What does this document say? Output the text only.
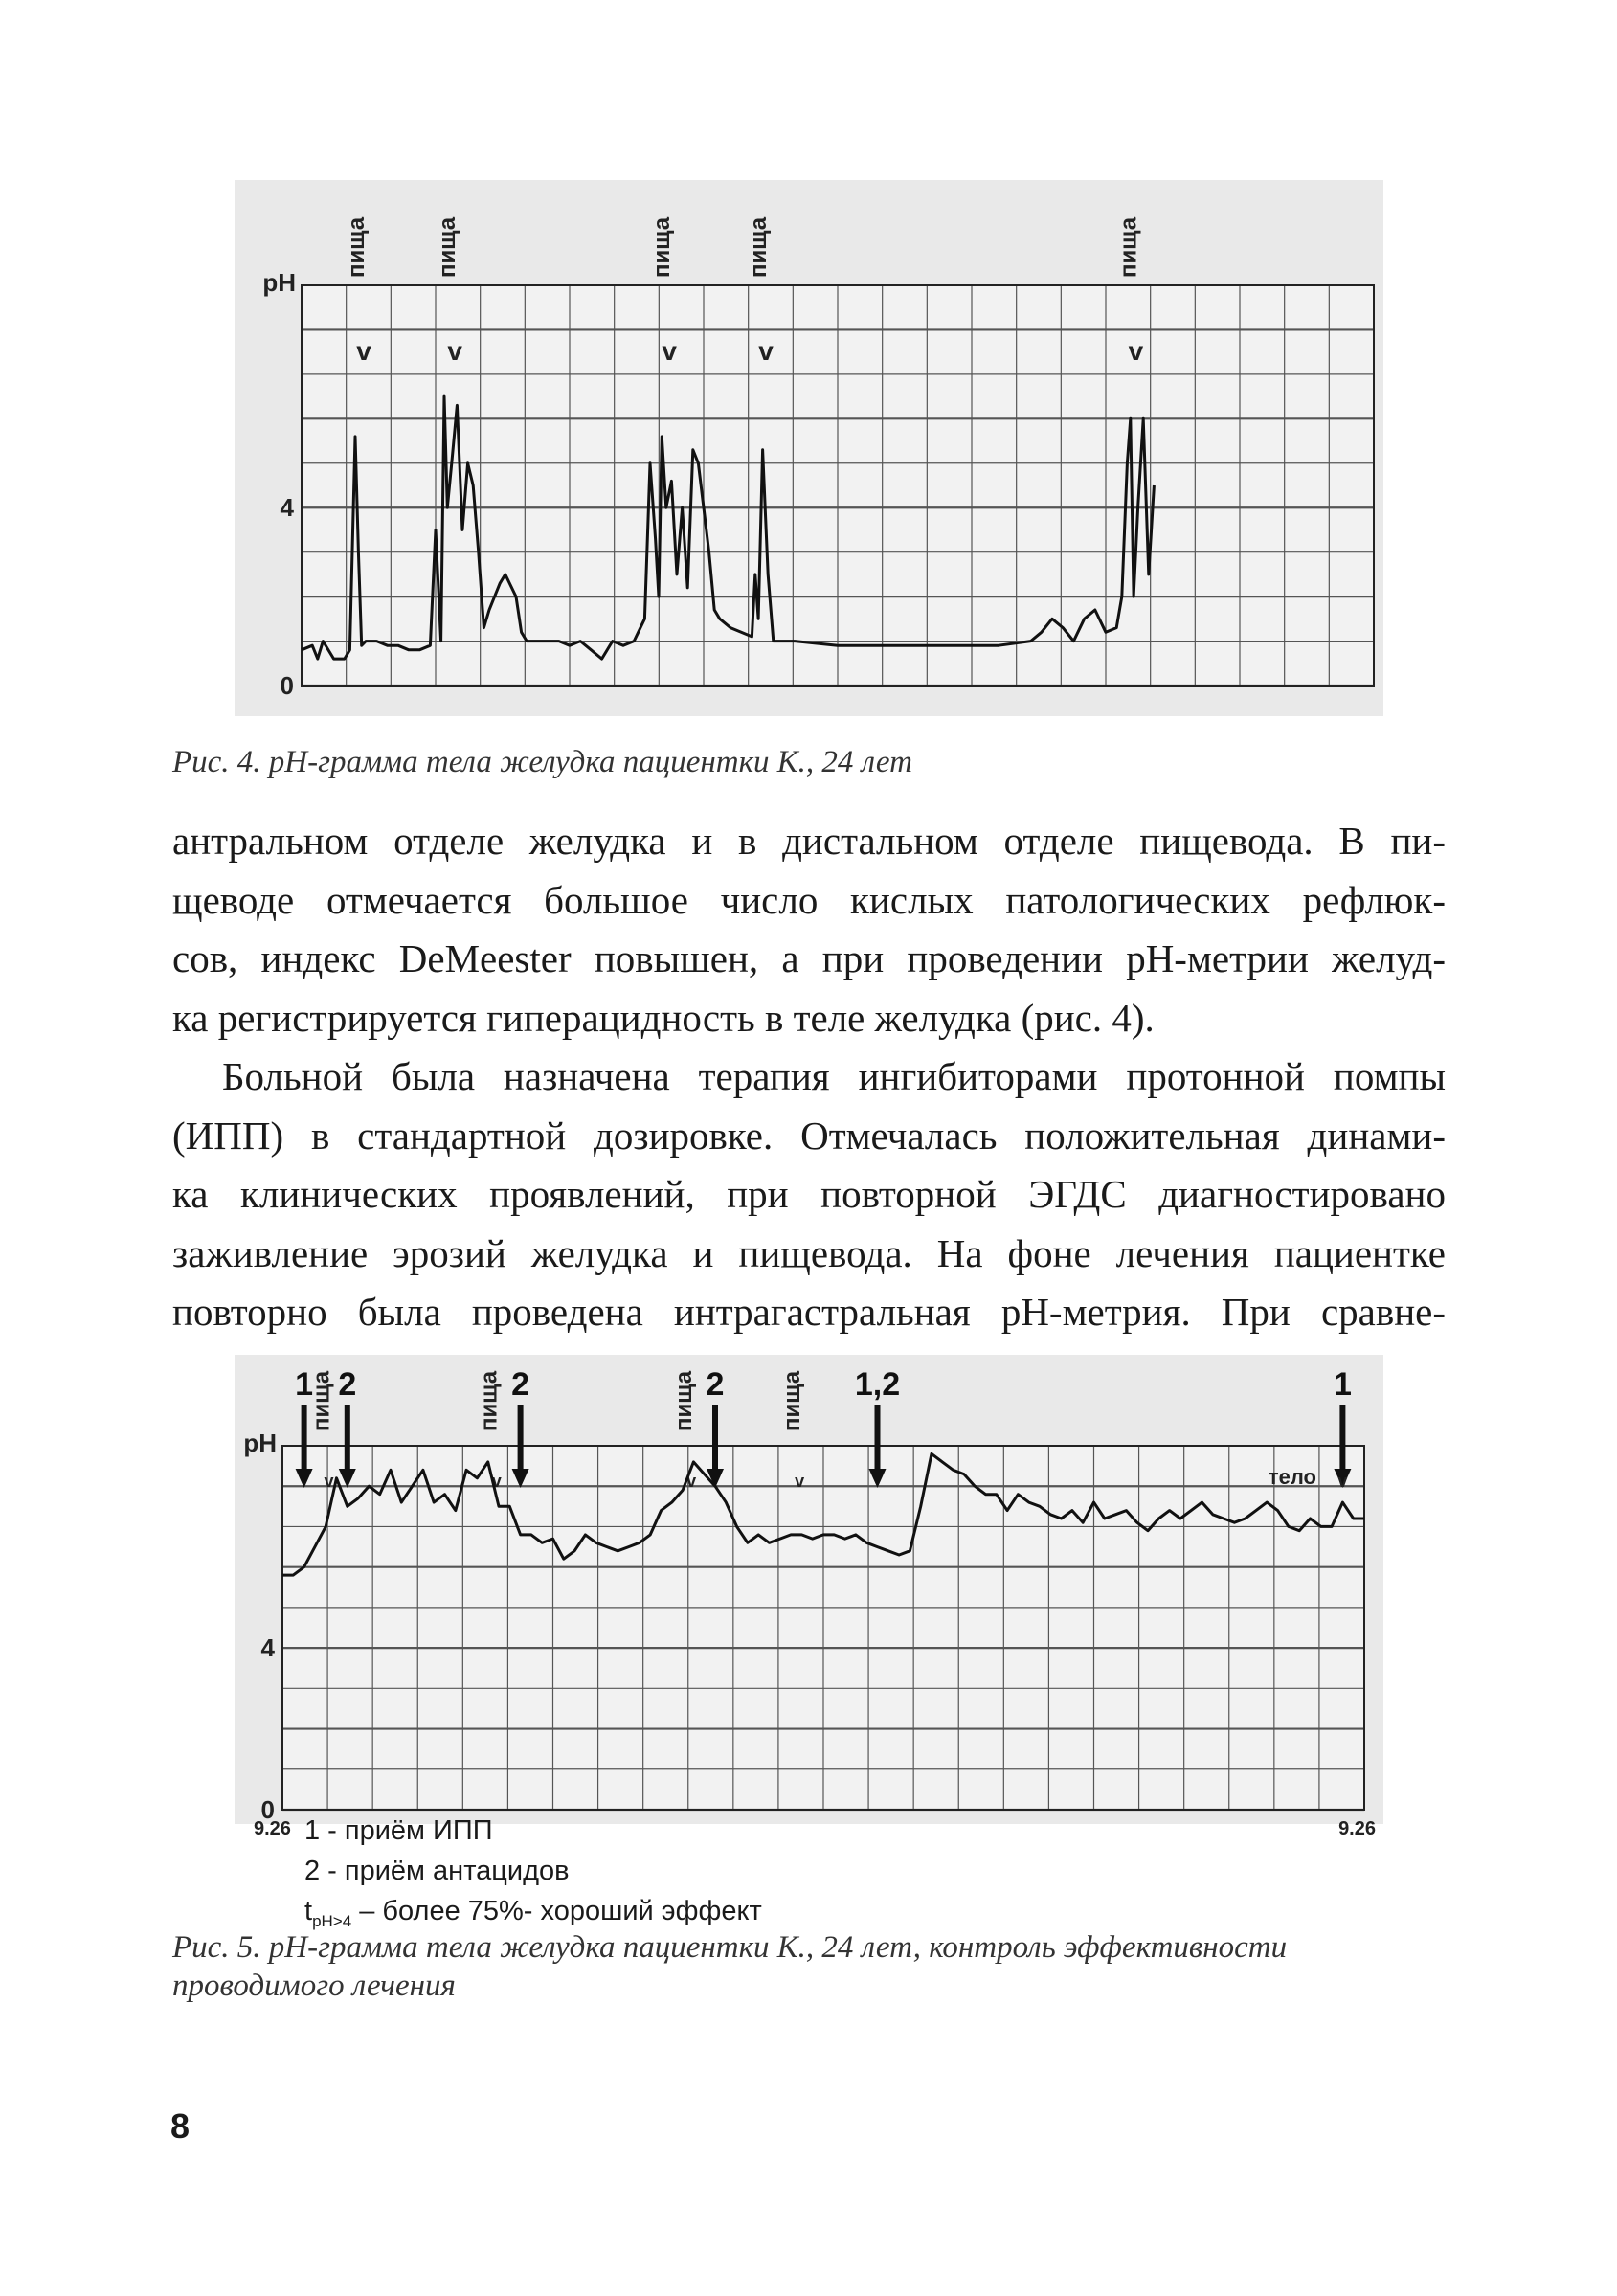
pH
0
4
пища
v
пища
v
пища
v
пища
v
пища
v
Рис. 4. рН-грамма тела желудка пациентки К., 24 лет

антральном отделе желудка и в дистальном отделе пищевода. В пи-

щеводе отмечается большое число кислых патологических рефлюк-

сов, индекс DeMeester повышен, а при проведении рН-метрии желуд-

ка регистрируется гиперацидность в теле желудка (рис. 4).

Больной была назначена терапия ингибиторами протонной помпы

(ИПП) в стандартной дозировке. Отмечалась положительная динами-

ка клинических проявлений, при повторной ЭГДС диагностировано

заживление эрозий желудка и пищевода. На фоне лечения пациентке

повторно была проведена интрагастральная рН-метрия. При сравне-

pH
0
4
1
пища
v
2	пища
v
2	пища
v
2 пища
v
1,2	1
v
тело
9.26	9.26
1 - приём ИПП
2 - приём антацидов
$t_{pH>4}$ – более 75%- хороший эффект
Рис. 5. рН-грамма тела желудка пациентки К., 24 лет, контроль эффективности проводимого лечения
8
